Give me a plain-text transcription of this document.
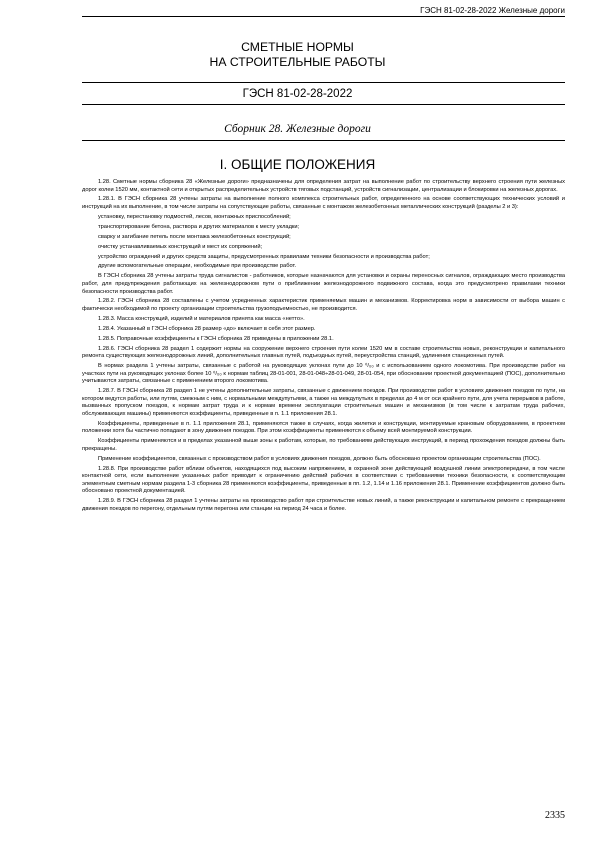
ГЭСН 81-02-28-2022 Железные дороги
СМЕТНЫЕ НОРМЫ
НА СТРОИТЕЛЬНЫЕ РАБОТЫ
ГЭСН 81-02-28-2022
Сборник 28. Железные дороги
I. ОБЩИЕ ПОЛОЖЕНИЯ

1.28. Сметные нормы сборника 28 «Железные дороги» предназначены для определения затрат на выполнение работ по строительству верхнего строения пути железных дорог колеи 1520 мм, контактной сети и открытых распределительных устройств тяговых подстанций, устройств сигнализации, централизации и блокировки на железных дорогах.

1.28.1. В ГЭСН сборника 28 учтены затраты на выполнение полного комплекса строительных работ, определенного на основе соответствующих технических условий и инструкций на их выполнение, в том числе затраты на сопутствующие работы, связанные с монтажом железобетонных металлических конструкций (разделы 2 и 3):

установку, перестановку подмостей, лесов, монтажных приспособлений;

транспортирование бетона, раствора и других материалов к месту укладки;

сварку и загибание петель после монтажа железобетонных конструкций;

очистку устанавливаемых конструкций и мест их сопряжений;

устройство ограждений и других средств защиты, предусмотренных правилами техники безопасности и производства работ;

другие вспомогательные операции, необходимые при производстве работ.

В ГЭСН сборника 28 учтены затраты труда сигналистов - работников, которые назначаются для установки и охраны переносных сигналов, ограждающих место производства работ, для предупреждения работающих на железнодорожном пути о приближении железнодорожного подвижного состава, когда это предусмотрено правилами техники безопасности производства работ.

1.28.2. ГЭСН сборника 28 составлены с учетом усредненных характеристик применяемых машин и механизмов. Корректировка норм в зависимости от выбора машин с фактически необходимой по проекту организации строительства грузоподъемностью, не производится.

1.28.3. Масса конструкций, изделий и материалов принята как масса «нетто».

1.28.4. Указанный в ГЭСН сборника 28 размер «до» включает в себя этот размер.

1.28.5. Поправочные коэффициенты к ГЭСН сборника 28 приведены в приложении 28.1.

1.28.6. ГЭСН сборника 28 раздел 1 содержит нормы на сооружение верхнего строения пути колеи 1520 мм в составе строительства новых, реконструкции и капитального ремонта существующих железнодорожных линий, дополнительных главных путей, подъездных путей, переустройства станций, удлинения станционных путей.

В нормах раздела 1 учтены затраты, связанные с работой на руководящих уклонах пути до 10 ⁰/₀₀ и с использованием одного локомотива. При производстве работ на участках пути на руководящих уклонах более 10 ⁰/₀₀ к нормам таблиц 28-01-001, 28-01-048÷28-01-049, 28-01-054, при обосновании проектной документацией (ПОС), дополнительно учитываются затраты, связанные с применением второго локомотива.

1.28.7. В ГЭСН сборника 28 раздел 1 не учтены дополнительные затраты, связанные с движением поездов. При производстве работ в условиях движения поездов по пути, на котором ведутся работы, или путям, смежным с ним, с нормальными междупутьями, а также на междупутьях в пределах до 4 м от оси крайнего пути, для учета перерывов в работе, вызванных пропуском поездов, к нормам затрат труда и к нормам времени эксплуатации строительных машин и механизмов (в том числе к затратам труда рабочих, обслуживающих машины) применяются коэффициенты, приведенные в п. 1.1 приложения 28.1.

Коэффициенты, приведенные в п. 1.1 приложения 28.1, применяются также в случаях, когда жилетки и конструкции, монтируемые крановым оборудованием, в проектном положении хотя бы частично попадают в зону движения поездов. При этом коэффициенты применяются к объему всей монтируемой конструкции.

Коэффициенты применяются и в пределах указанной выше зоны к работам, которые, по требованиям действующих инструкций, в период прохождения поездов должны быть прекращены.

Применение коэффициентов, связанных с производством работ в условиях движения поездов, должно быть обосновано проектом организации строительства (ПОС).

1.28.8. При производстве работ вблизи объектов, находящихся под высоким напряжением, в охранной зоне действующей воздушной линии электропередачи, в том числе контактной сети, если выполнение указанных работ приводит к ограничению действий рабочих в соответствии с требованиями техники безопасности, к соответствующим элементным сметным нормам раздела 1-3 сборника 28 применяются коэффициенты, приведенные в пп. 1.2, 1.14 и 1.16 приложения 28.1. Применение коэффициентов должно быть обосновано проектной документацией.

1.28.9. В ГЭСН сборника 28 раздел 1 учтены затраты на производство работ при строительстве новых линий, а также реконструкции и капитальном ремонте с прекращением движения поездов по перегону, отдельным путям перегона или станции на период 24 часа и более.

2335
